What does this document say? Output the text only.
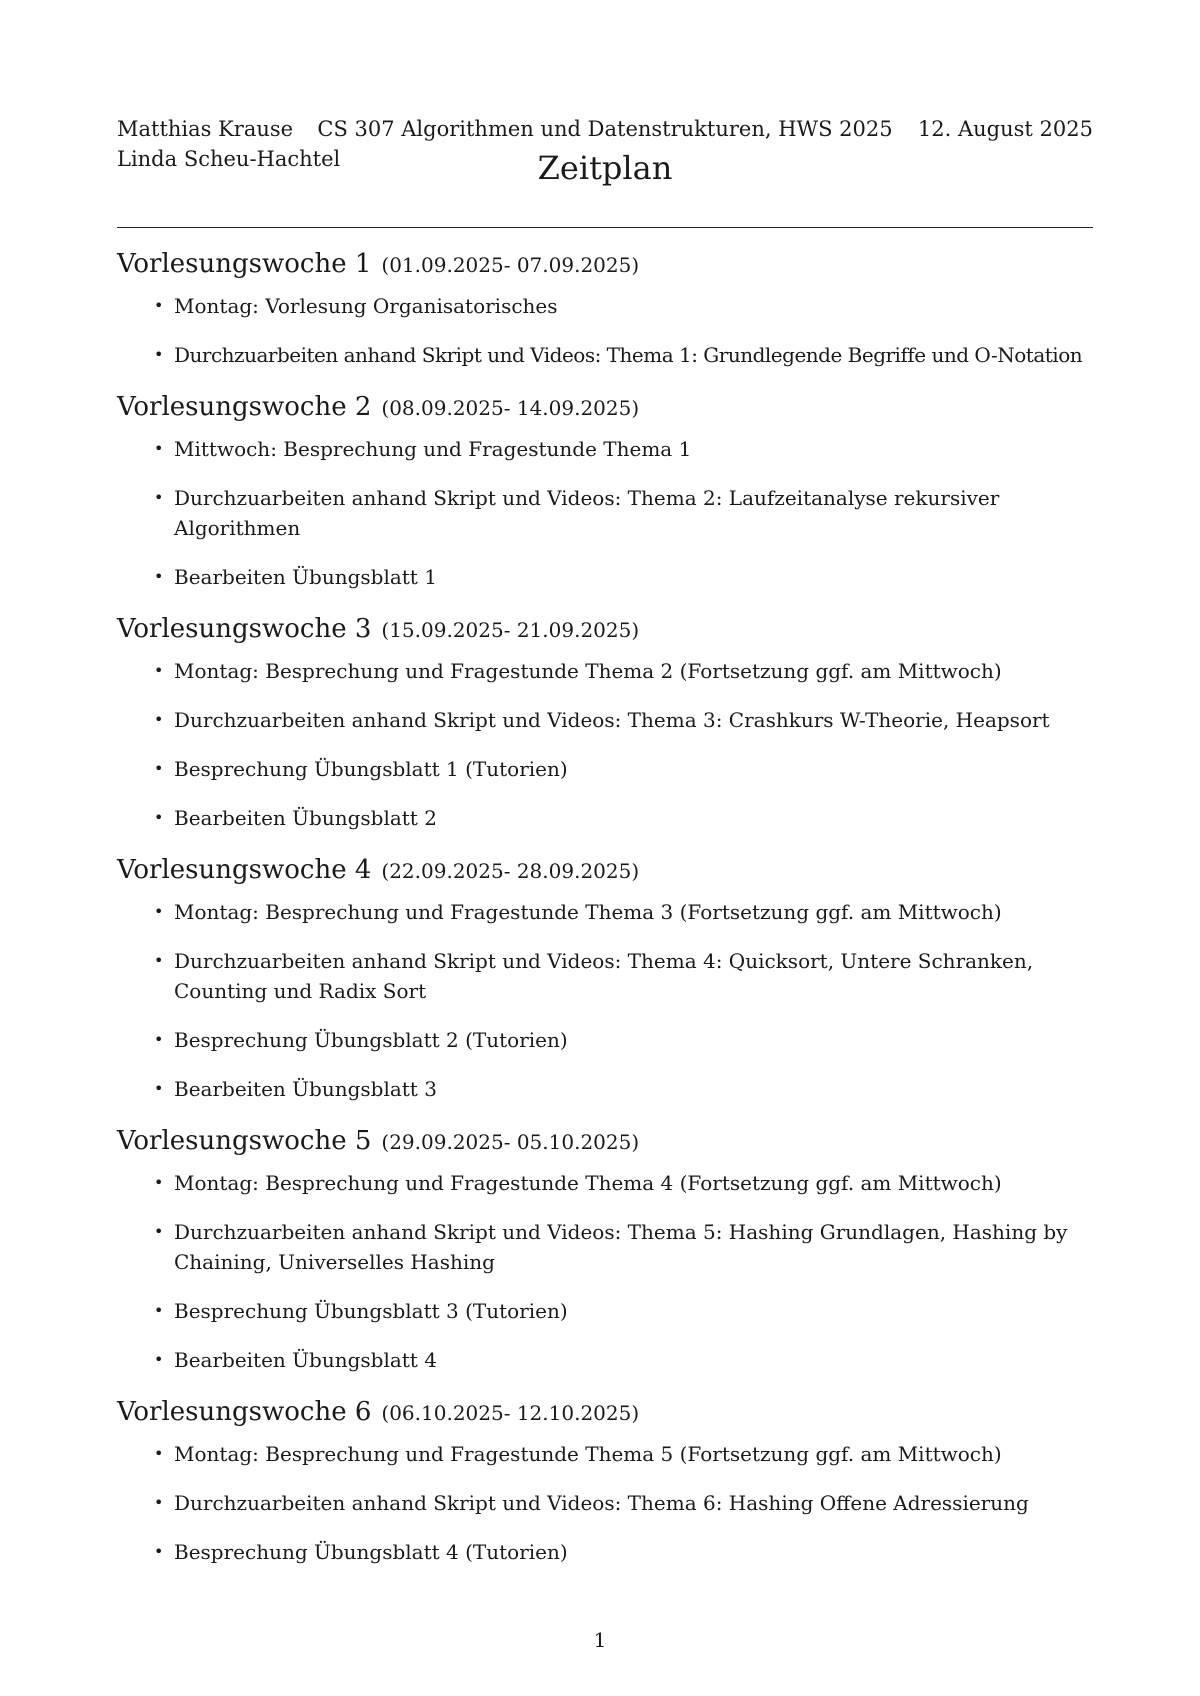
Matthias Krause
Linda Scheu-Hachtel
CS 307 Algorithmen und Datenstrukturen, HWS 2025	12. August 2025
Zeitplan
Vorlesungswoche 1 (01.09.2025- 07.09.2025)
• Montag: Vorlesung Organisatorisches
• Durchzuarbeiten anhand Skript und Videos: Thema 1: Grundlegende Begriffe und O-Notation
Vorlesungswoche 2 (08.09.2025- 14.09.2025)
• Mittwoch: Besprechung und Fragestunde Thema 1
• Durchzuarbeiten anhand Skript und Videos: Thema 2: Laufzeitanalyse rekursiver Algorithmen
• Bearbeiten Übungsblatt 1
Vorlesungswoche 3 (15.09.2025- 21.09.2025)
• Montag: Besprechung und Fragestunde Thema 2 (Fortsetzung ggf. am Mittwoch)
• Durchzuarbeiten anhand Skript und Videos: Thema 3: Crashkurs W-Theorie, Heapsort
• Besprechung Übungsblatt 1 (Tutorien)
• Bearbeiten Übungsblatt 2
Vorlesungswoche 4 (22.09.2025- 28.09.2025)
• Montag: Besprechung und Fragestunde Thema 3 (Fortsetzung ggf. am Mittwoch)
• Durchzuarbeiten anhand Skript und Videos: Thema 4: Quicksort, Untere Schranken, Counting und Radix Sort
• Besprechung Übungsblatt 2 (Tutorien)
• Bearbeiten Übungsblatt 3
Vorlesungswoche 5 (29.09.2025- 05.10.2025)
• Montag: Besprechung und Fragestunde Thema 4 (Fortsetzung ggf. am Mittwoch)
• Durchzuarbeiten anhand Skript und Videos: Thema 5: Hashing Grundlagen, Hashing by Chaining, Universelles Hashing
• Besprechung Übungsblatt 3 (Tutorien)
• Bearbeiten Übungsblatt 4
Vorlesungswoche 6 (06.10.2025- 12.10.2025)
• Montag: Besprechung und Fragestunde Thema 5 (Fortsetzung ggf. am Mittwoch)
• Durchzuarbeiten anhand Skript und Videos: Thema 6: Hashing Offene Adressierung
• Besprechung Übungsblatt 4 (Tutorien)
1
